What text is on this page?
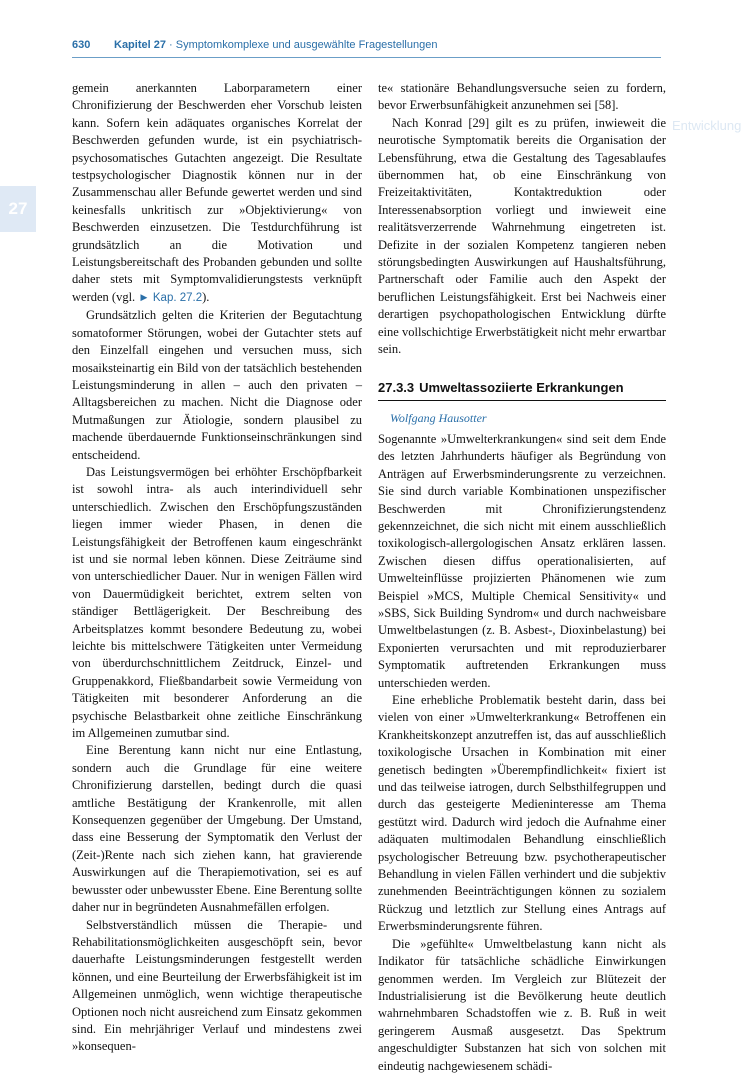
630 Kapitel 27 · Symptomkomplexe und ausgewählte Fragestellungen
27
Entwicklung

gemein anerkannten Laborparametern einer Chronifizierung der Beschwerden eher Vorschub leisten kann. Sofern kein adäquates organisches Korrelat der Beschwerden gefunden wurde, ist ein psychiatrisch-psychosomatisches Gutachten angezeigt. Die Resultate testpsychologischer Diagnostik können nur in der Zusammenschau aller Befunde gewertet werden und sind keinesfalls unkritisch zur »Objektivierung« von Beschwerden einzusetzen. Die Testdurchführung ist grundsätzlich an die Motivation und Leistungsbereitschaft des Probanden gebunden und sollte daher stets mit Symptomvalidierungstests verknüpft werden (vgl. ► Kap. 27.2).

Grundsätzlich gelten die Kriterien der Begutachtung somatoformer Störungen, wobei der Gutachter stets auf den Einzelfall eingehen und versuchen muss, sich mosaiksteinartig ein Bild von der tatsächlich bestehenden Leistungsminderung in allen – auch den privaten – Alltagsbereichen zu machen. Nicht die Diagnose oder Mutmaßungen zur Ätiologie, sondern plausibel zu machende überdauernde Funktionseinschränkungen sind entscheidend.

Das Leistungsvermögen bei erhöhter Erschöpfbarkeit ist sowohl intra- als auch interindividuell sehr unterschiedlich. Zwischen den Erschöpfungszuständen liegen immer wieder Phasen, in denen die Leistungsfähigkeit der Betroffenen kaum eingeschränkt ist und sie normal leben können. Diese Zeiträume sind von unterschiedlicher Dauer. Nur in wenigen Fällen wird von Dauermüdigkeit berichtet, extrem selten von ständiger Bettlägerigkeit. Der Beschreibung des Arbeitsplatzes kommt besondere Bedeutung zu, wobei leichte bis mittelschwere Tätigkeiten unter Vermeidung von überdurchschnittlichem Zeitdruck, Einzel- und Gruppenakkord, Fließbandarbeit sowie Vermeidung von Tätigkeiten mit besonderer Anforderung an die psychische Belastbarkeit ohne zeitliche Einschränkung im Allgemeinen zumutbar sind.

Eine Berentung kann nicht nur eine Entlastung, sondern auch die Grundlage für eine weitere Chronifizierung darstellen, bedingt durch die quasi amtliche Bestätigung der Krankenrolle, mit allen Konsequenzen gegenüber der Umgebung. Der Umstand, dass eine Besserung der Symptomatik den Verlust der (Zeit-)Rente nach sich ziehen kann, hat gravierende Auswirkungen auf die Therapiemotivation, sei es auf bewusster oder unbewusster Ebene. Eine Berentung sollte daher nur in begründeten Ausnahmefällen erfolgen.

Selbstverständlich müssen die Therapie- und Rehabilitationsmöglichkeiten ausgeschöpft sein, bevor dauerhafte Leistungsminderungen festgestellt werden können, und eine Beurteilung der Erwerbsfähigkeit ist im Allgemeinen unmöglich, wenn wichtige therapeutische Optionen noch nicht ausreichend zum Einsatz gekommen sind. Ein mehrjähriger Verlauf und mindestens zwei »konsequen-

te« stationäre Behandlungsversuche seien zu fordern, bevor Erwerbsunfähigkeit anzunehmen sei [58].

Nach Konrad [29] gilt es zu prüfen, inwieweit die neurotische Symptomatik bereits die Organisation der Lebensführung, etwa die Gestaltung des Tagesablaufes übernommen hat, ob eine Einschränkung von Freizeitaktivitäten, Kontaktreduktion oder Interessenabsorption vorliegt und inwieweit eine realitätsverzerrende Wahrnehmung eingetreten ist. Defizite in der sozialen Kompetenz tangieren neben störungsbedingten Auswirkungen auf Haushaltsführung, Partnerschaft oder Familie auch den Aspekt der beruflichen Leistungsfähigkeit. Erst bei Nachweis einer derartigen psychopathologischen Entwicklung dürfte eine vollschichtige Erwerbstätigkeit nicht mehr erwartbar sein.

27.3.3 Umweltassoziierte Erkrankungen
Wolfgang Hausotter

Sogenannte »Umwelterkrankungen« sind seit dem Ende des letzten Jahrhunderts häufiger als Begründung von Anträgen auf Erwerbsminderungsrente zu verzeichnen. Sie sind durch variable Kombinationen unspezifischer Beschwerden mit Chronifizierungstendenz gekennzeichnet, die sich nicht mit einem ausschließlich toxikologisch-allergologischen Ansatz erklären lassen. Zwischen diesen diffus operationalisierten, auf Umwelteinflüsse projizierten Phänomenen wie zum Beispiel »MCS, Multiple Chemical Sensitivity« und »SBS, Sick Building Syndrom« und durch nachweisbare Umweltbelastungen (z. B. Asbest-, Dioxinbelastung) bei Exponierten verursachten und mit reproduzierbarer Symptomatik auftretenden Erkrankungen muss unterschieden werden.

Eine erhebliche Problematik besteht darin, dass bei vielen von einer »Umwelterkrankung« Betroffenen ein Krankheitskonzept anzutreffen ist, das auf ausschließlich toxikologische Ursachen in Kombination mit einer genetisch bedingten »Überempfindlichkeit« fixiert ist und das teilweise iatrogen, durch Selbsthilfegruppen und durch das gesteigerte Medieninteresse am Thema gestützt wird. Dadurch wird jedoch die Aufnahme einer adäquaten multimodalen Behandlung einschließlich psychologischer Betreuung bzw. psychotherapeutischer Behandlung in vielen Fällen verhindert und die subjektiv zunehmenden Beeinträchtigungen können zu sozialem Rückzug und letztlich zur Stellung eines Antrags auf Erwerbsminderungsrente führen.

Die »gefühlte« Umweltbelastung kann nicht als Indikator für tatsächliche schädliche Einwirkungen genommen werden. Im Vergleich zur Blütezeit der Industrialisierung ist die Bevölkerung heute deutlich wahrnehmbaren Schadstoffen wie z. B. Ruß in weit geringerem Ausmaß ausgesetzt. Das Spektrum angeschuldigter Substanzen hat sich von solchen mit eindeutig nachgewiesenem schädi-
